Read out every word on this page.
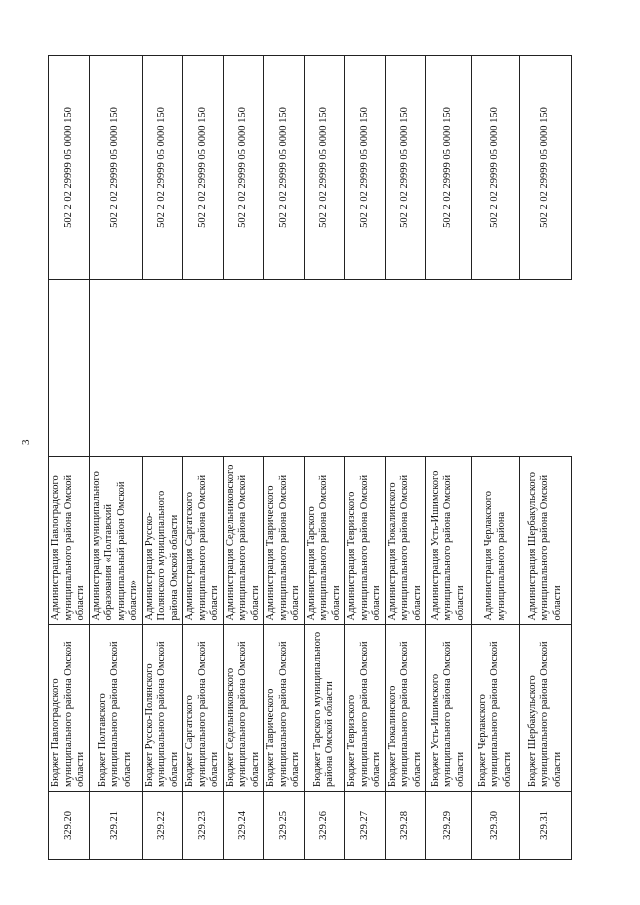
3
329.20	Бюджет Павлоградского муниципального района Омской области	Администрация Павлоградского муниципального района Омской области		502 2 02 29999 05 0000 150
329.21	Бюджет Полтавского муниципального района Омской области	Администрация муниципального образования «Полтавский муниципальный район Омской области»		502 2 02 29999 05 0000 150
329.22	Бюджет Русско-Полянского муниципального района Омской области	Администрация Русско-Полянского муниципального района Омской области		502 2 02 29999 05 0000 150
329.23	Бюджет Саргатского муниципального района Омской области	Администрация Саргатского муниципального района Омской области		502 2 02 29999 05 0000 150
329.24	Бюджет Седельниковского муниципального района Омской области	Администрация Седельниковского муниципального района Омской области		502 2 02 29999 05 0000 150
329.25	Бюджет Таврического муниципального района Омской области	Администрация Таврического муниципального района Омской области		502 2 02 29999 05 0000 150
329.26	Бюджет Тарского муниципального района Омской области	Администрация Тарского муниципального района Омской области		502 2 02 29999 05 0000 150
329.27	Бюджет Тевризского муниципального района Омской области	Администрация Тевризского муниципального района Омской области		502 2 02 29999 05 0000 150
329.28	Бюджет Тюкалинского муниципального района Омской области	Администрация Тюкалинского муниципального района Омской области		502 2 02 29999 05 0000 150
329.29	Бюджет Усть-Ишимского муниципального района Омской области	Администрация Усть-Ишимского муниципального района Омской области		502 2 02 29999 05 0000 150
329.30	Бюджет Черлакского муниципального района Омской области	Администрация Черлакского муниципального района		502 2 02 29999 05 0000 150
329.31	Бюджет Шербакульского муниципального района Омской области	Администрация Шербакульского муниципального района Омской области		502 2 02 29999 05 0000 150
